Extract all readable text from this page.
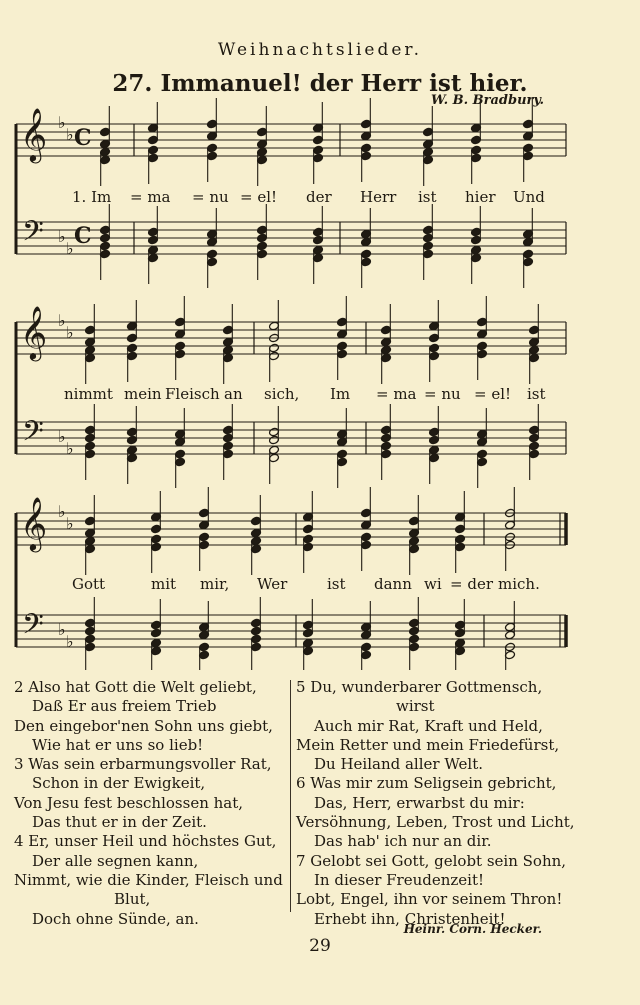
Weihnachtslieder.
27. Immanuel! der Herr ist hier.
W. B. Bradbury.
𝄞
𝄢
♭
♭
♭
♭
C
C
𝄞
𝄢
♭
♭
♭
♭
𝄞
𝄢
♭
♭
♭
♭
1. Im = ma = nu = el! der Herr ist hier Und
nimmt mein Fleisch an sich, Im = ma = nu = el! ist
Gott	mit mir, Wer	ist dann wi = der mich.
2 Also hat Gott die Welt geliebt,
Daß Er aus freiem Trieb
Den eingebor'nen Sohn uns giebt,
Wie hat er uns so lieb!
3 Was sein erbarmungsvoller Rat,
Schon in der Ewigkeit,
Von Jesu fest beschlossen hat,
Das thut er in der Zeit.
4 Er, unser Heil und höchstes Gut,
Der alle segnen kann,
Nimmt, wie die Kinder, Fleisch und
Blut,
Doch ohne Sünde, an.
5 Du, wunderbarer Gottmensch,
wirst
Auch mir Rat, Kraft und Held,
Mein Retter und mein Friedefürst,
Du Heiland aller Welt.
6 Was mir zum Seligsein gebricht,
Das, Herr, erwarbst du mir:
Versöhnung, Leben, Trost und Licht,
Das hab' ich nur an dir.
7 Gelobt sei Gott, gelobt sein Sohn,
In dieser Freudenzeit!
Lobt, Engel, ihn vor seinem Thron!
Erhebt ihn, Christenheit!
Heinr. Corn. Hecker.
29
